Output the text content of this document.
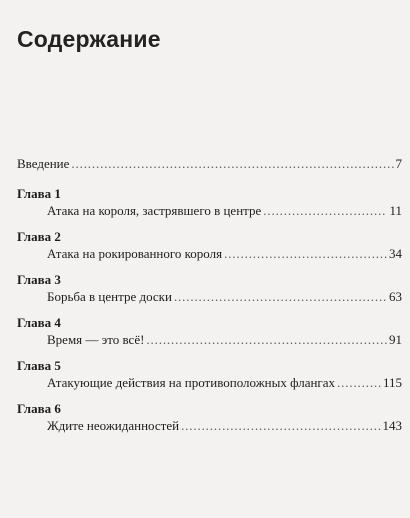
Содержание
Введение . . .	7
Глава 1
Атака на короля, застрявшего в центре . . .	11
Глава 2
Атака на рокированного короля . . .	34
Глава 3
Борьба в центре доски . . .	63
Глава 4
Время — это всё! . . .	91
Глава 5
Атакующие действия на противоположных флангах . . .	115
Глава 6
Ждите неожиданностей . . .	143
